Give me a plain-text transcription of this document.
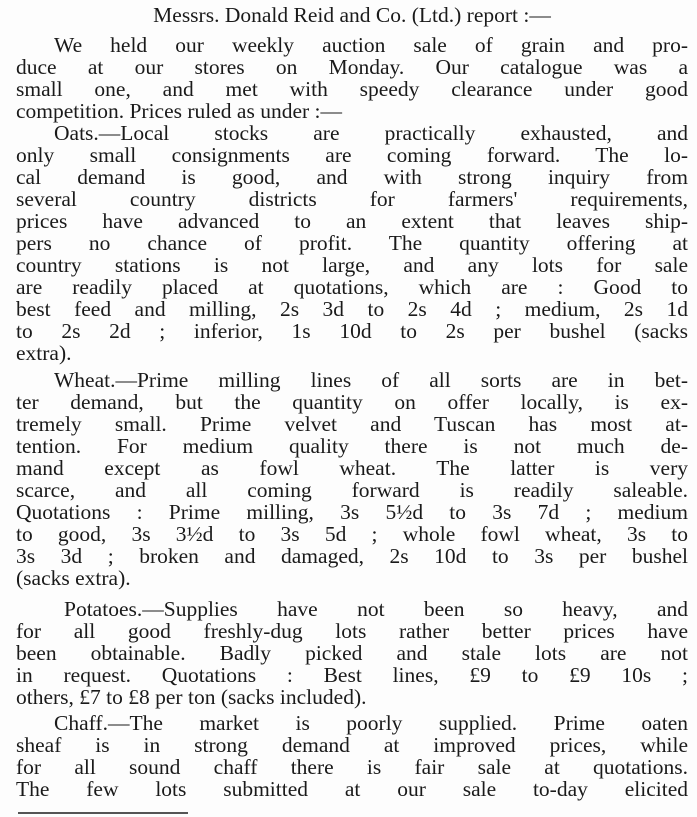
Messrs. Donald Reid and Co. (Ltd.) report :—

We held our weekly auction sale of grain and pro-

duce at our stores on Monday. Our catalogue was a

small one, and met with speedy clearance under good

competition. Prices ruled as under :—

Oats.—Local stocks are practically exhausted, and

only small consignments are coming forward. The lo-

cal demand is good, and with strong inquiry from

several country districts for farmers' requirements,

prices have advanced to an extent that leaves ship-

pers no chance of profit. The quantity offering at

country stations is not large, and any lots for sale

are readily placed at quotations, which are : Good to

best feed and milling, 2s 3d to 2s 4d ; medium, 2s 1d

to 2s 2d ; inferior, 1s 10d to 2s per bushel (sacks

extra).

Wheat.—Prime milling lines of all sorts are in bet-

ter demand, but the quantity on offer locally, is ex-

tremely small. Prime velvet and Tuscan has most at-

tention. For medium quality there is not much de-

mand except as fowl wheat. The latter is very

scarce, and all coming forward is readily saleable.

Quotations : Prime milling, 3s 5½d to 3s 7d ; medium

to good, 3s 3½d to 3s 5d ; whole fowl wheat, 3s to

3s 3d ; broken and damaged, 2s 10d to 3s per bushel

(sacks extra).

Potatoes.—Supplies have not been so heavy, and

for all good freshly-dug lots rather better prices have

been obtainable. Badly picked and stale lots are not

in request. Quotations : Best lines, £9 to £9 10s ;

others, £7 to £8 per ton (sacks included).

Chaff.—The market is poorly supplied. Prime oaten

sheaf is in strong demand at improved prices, while

for all sound chaff there is fair sale at quotations.

The few lots submitted at our sale to-day elicited
